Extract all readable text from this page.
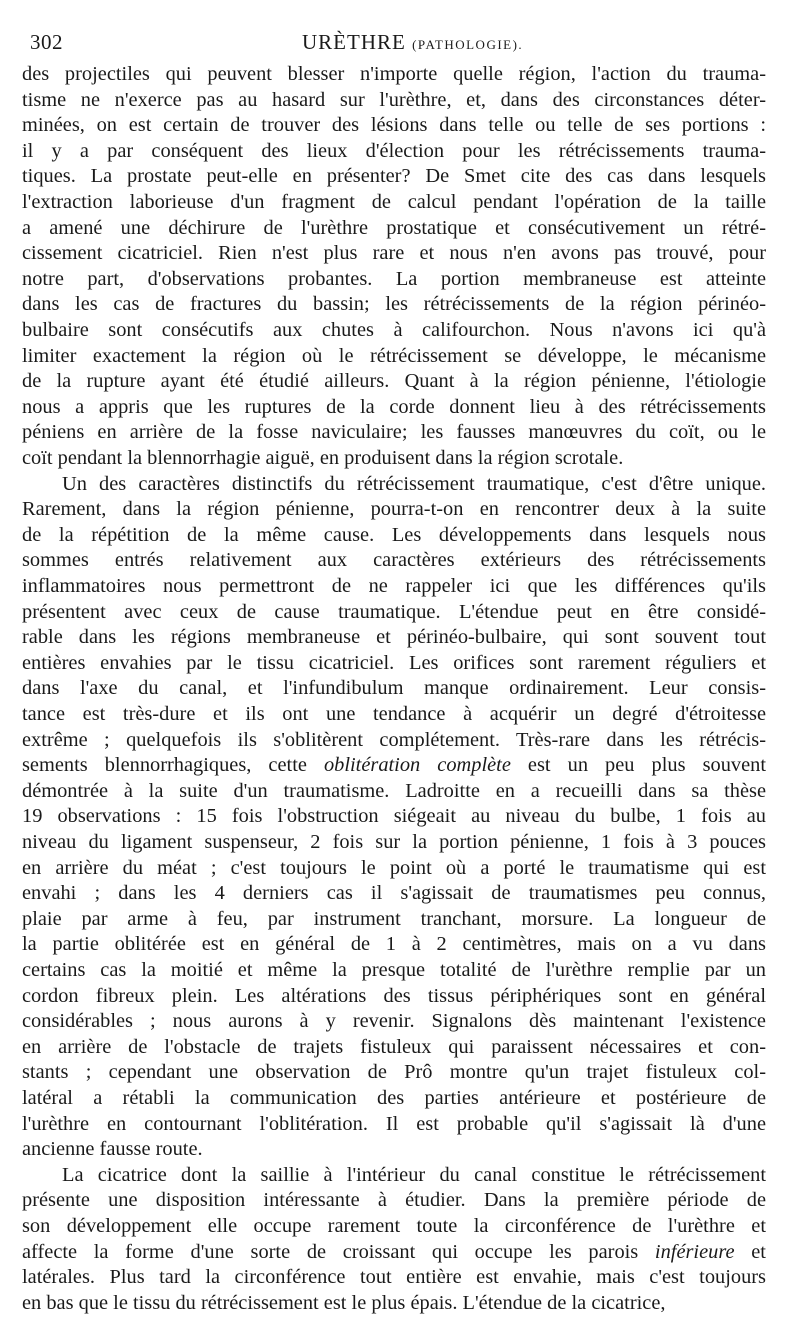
302	URÈTHRE (PATHOLOGIE).
des projectiles qui peuvent blesser n'importe quelle région, l'action du trauma-
tisme ne n'exerce pas au hasard sur l'urèthre, et, dans des circonstances déter-
minées, on est certain de trouver des lésions dans telle ou telle de ses portions :
il y a par conséquent des lieux d'élection pour les rétrécissements trauma-
tiques. La prostate peut-elle en présenter? De Smet cite des cas dans lesquels
l'extraction laborieuse d'un fragment de calcul pendant l'opération de la taille
a amené une déchirure de l'urèthre prostatique et consécutivement un rétré-
cissement cicatriciel. Rien n'est plus rare et nous n'en avons pas trouvé, pour
notre part, d'observations probantes. La portion membraneuse est atteinte
dans les cas de fractures du bassin; les rétrécissements de la région périnéo-
bulbaire sont consécutifs aux chutes à califourchon. Nous n'avons ici qu'à
limiter exactement la région où le rétrécissement se développe, le mécanisme
de la rupture ayant été étudié ailleurs. Quant à la région pénienne, l'étiologie
nous a appris que les ruptures de la corde donnent lieu à des rétrécissements
péniens en arrière de la fosse naviculaire; les fausses manœuvres du coït, ou le
coït pendant la blennorrhagie aiguë, en produisent dans la région scrotale.
Un des caractères distinctifs du rétrécissement traumatique, c'est d'être unique.
Rarement, dans la région pénienne, pourra-t-on en rencontrer deux à la suite
de la répétition de la même cause. Les développements dans lesquels nous
sommes entrés relativement aux caractères extérieurs des rétrécissements
inflammatoires nous permettront de ne rappeler ici que les différences qu'ils
présentent avec ceux de cause traumatique. L'étendue peut en être considé-
rable dans les régions membraneuse et périnéo-bulbaire, qui sont souvent tout
entières envahies par le tissu cicatriciel. Les orifices sont rarement réguliers et
dans l'axe du canal, et l'infundibulum manque ordinairement. Leur consis-
tance est très-dure et ils ont une tendance à acquérir un degré d'étroitesse
extrême ; quelquefois ils s'oblitèrent complétement. Très-rare dans les rétrécis-
sements blennorrhagiques, cette oblitération complète est un peu plus souvent
démontrée à la suite d'un traumatisme. Ladroitte en a recueilli dans sa thèse
19 observations : 15 fois l'obstruction siégeait au niveau du bulbe, 1 fois au
niveau du ligament suspenseur, 2 fois sur la portion pénienne, 1 fois à 3 pouces
en arrière du méat ; c'est toujours le point où a porté le traumatisme qui est
envahi ; dans les 4 derniers cas il s'agissait de traumatismes peu connus,
plaie par arme à feu, par instrument tranchant, morsure. La longueur de
la partie oblitérée est en général de 1 à 2 centimètres, mais on a vu dans
certains cas la moitié et même la presque totalité de l'urèthre remplie par un
cordon fibreux plein. Les altérations des tissus périphériques sont en général
considérables ; nous aurons à y revenir. Signalons dès maintenant l'existence
en arrière de l'obstacle de trajets fistuleux qui paraissent nécessaires et con-
stants ; cependant une observation de Prô montre qu'un trajet fistuleux col-
latéral a rétabli la communication des parties antérieure et postérieure de
l'urèthre en contournant l'oblitération. Il est probable qu'il s'agissait là d'une
ancienne fausse route.
La cicatrice dont la saillie à l'intérieur du canal constitue le rétrécissement
présente une disposition intéressante à étudier. Dans la première période de
son développement elle occupe rarement toute la circonférence de l'urèthre et
affecte la forme d'une sorte de croissant qui occupe les parois inférieure et
latérales. Plus tard la circonférence tout entière est envahie, mais c'est toujours
en bas que le tissu du rétrécissement est le plus épais. L'étendue de la cicatrice,
